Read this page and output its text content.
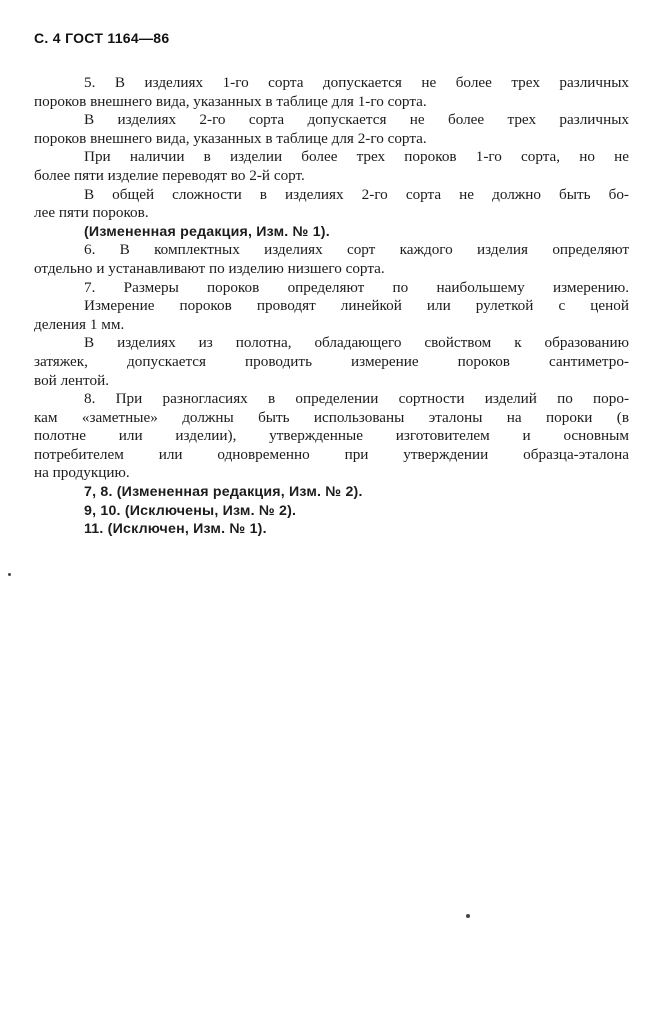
С. 4 ГОСТ 1164—86

5. В изделиях 1-го сорта допускается не более трех различных
пороков внешнего вида, указанных в таблице для 1-го сорта.

В изделиях 2-го сорта допускается не более трех различных
пороков внешнего вида, указанных в таблице для 2-го сорта.

При наличии в изделии более трех пороков 1-го сорта, но не
более пяти изделие переводят во 2-й сорт.

В общей сложности в изделиях 2-го сорта не должно быть бо-
лее пяти пороков.

(Измененная редакция, Изм. № 1).

6. В комплектных изделиях сорт каждого изделия определяют
отдельно и устанавливают по изделию низшего сорта.

7. Размеры пороков определяют по наибольшему измерению.

Измерение пороков проводят линейкой или рулеткой с ценой
деления 1 мм.

В изделиях из полотна, обладающего свойством к образованию
затяжек, допускается проводить измерение пороков сантиметро-
вой лентой.

8. При разногласиях в определении сортности изделий по поро-
кам «заметные» должны быть использованы эталоны на пороки (в
полотне или изделии), утвержденные изготовителем и основным
потребителем или одновременно при утверждении образца-эталона
на продукцию.

7, 8. (Измененная редакция, Изм. № 2).

9, 10. (Исключены, Изм. № 2).

11. (Исключен, Изм. № 1).
